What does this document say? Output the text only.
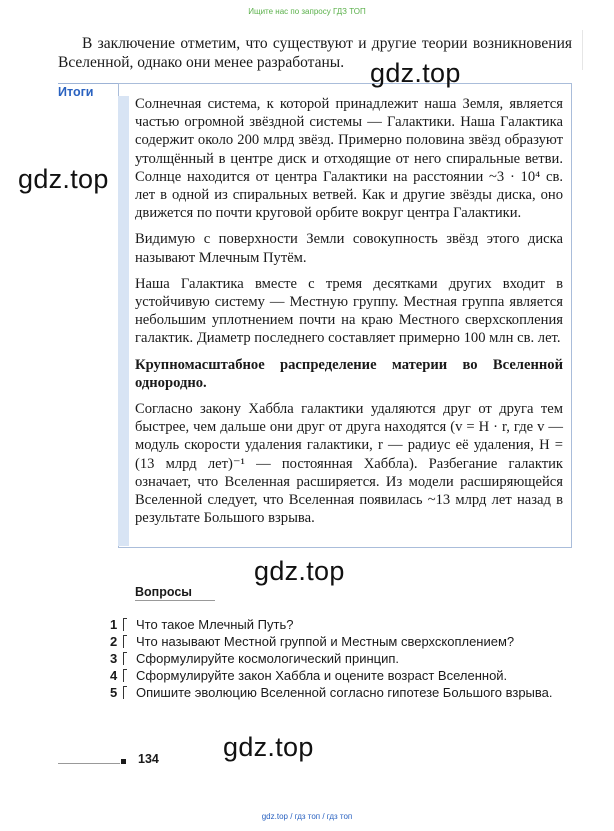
Ищите нас по запросу ГДЗ ТОП
В заключение отметим, что существуют и другие теории возникновения Вселенной, однако они менее разработаны.
Итоги

Солнечная система, к которой принадлежит наша Земля, является частью огромной звёздной системы — Галактики. Наша Галактика содержит около 200 млрд звёзд. Примерно половина звёзд образуют утолщённый в центре диск и отходящие от него спиральные ветви. Солнце находится от центра Галактики на расстоянии ~3 · 10⁴ св. лет в одной из спиральных ветвей. Как и другие звёзды диска, оно движется по почти круговой орбите вокруг центра Галактики.

Видимую с поверхности Земли совокупность звёзд этого диска называют Млечным Путём.

Наша Галактика вместе с тремя десятками других входит в устойчивую систему — Местную группу. Местная группа является небольшим уплотнением почти на краю Местного сверхскопления галактик. Диаметр последнего составляет примерно 100 млн св. лет.

Крупномасштабное распределение материи во Вселенной однородно.

Согласно закону Хаббла галактики удаляются друг от друга тем быстрее, чем дальше они друг от друга находятся (v = H · r, где v — модуль скорости удаления галактики, r — радиус её удаления, H = (13 млрд лет)⁻¹ — постоянная Хаббла). Разбегание галактик означает, что Вселенная расширяется. Из модели расширяющейся Вселенной следует, что Вселенная появилась ~13 млрд лет назад в результате Большого взрыва.

gdz.top
gdz.top
gdz.top
gdz.top
Вопросы
1 Что такое Млечный Путь?
2 Что называют Местной группой и Местным сверхскоплением?
3 Сформулируйте космологический принцип.
4 Сформулируйте закон Хаббла и оцените возраст Вселенной.
5 Опишите эволюцию Вселенной согласно гипотезе Большого взрыва.
134
gdz.top / гдз топ / гдз топ
